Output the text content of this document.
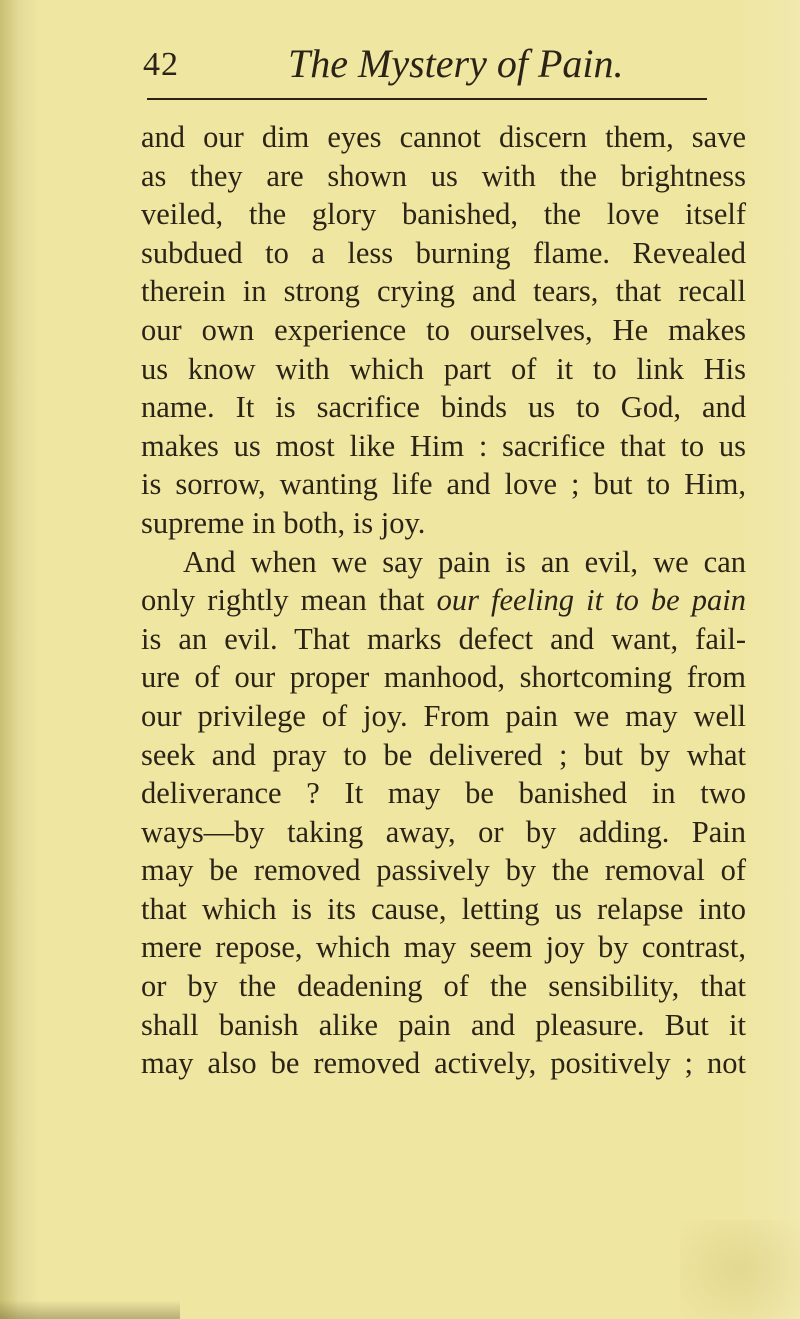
42	The Mystery of Pain.
and our dim eyes cannot discern them, save
as they are shown us with the brightness
veiled, the glory banished, the love itself
subdued to a less burning flame. Revealed
therein in strong crying and tears, that recall
our own experience to ourselves, He makes
us know with which part of it to link His
name. It is sacrifice binds us to God, and
makes us most like Him : sacrifice that to us
is sorrow, wanting life and love ; but to Him,
supreme in both, is joy.
And when we say pain is an evil, we can
only rightly mean that our feeling it to be pain
is an evil. That marks defect and want, fail-
ure of our proper manhood, shortcoming from
our privilege of joy. From pain we may well
seek and pray to be delivered ; but by what
deliverance ? It may be banished in two
ways—by taking away, or by adding. Pain
may be removed passively by the removal of
that which is its cause, letting us relapse into
mere repose, which may seem joy by contrast,
or by the deadening of the sensibility, that
shall banish alike pain and pleasure. But it
may also be removed actively, positively ; not
